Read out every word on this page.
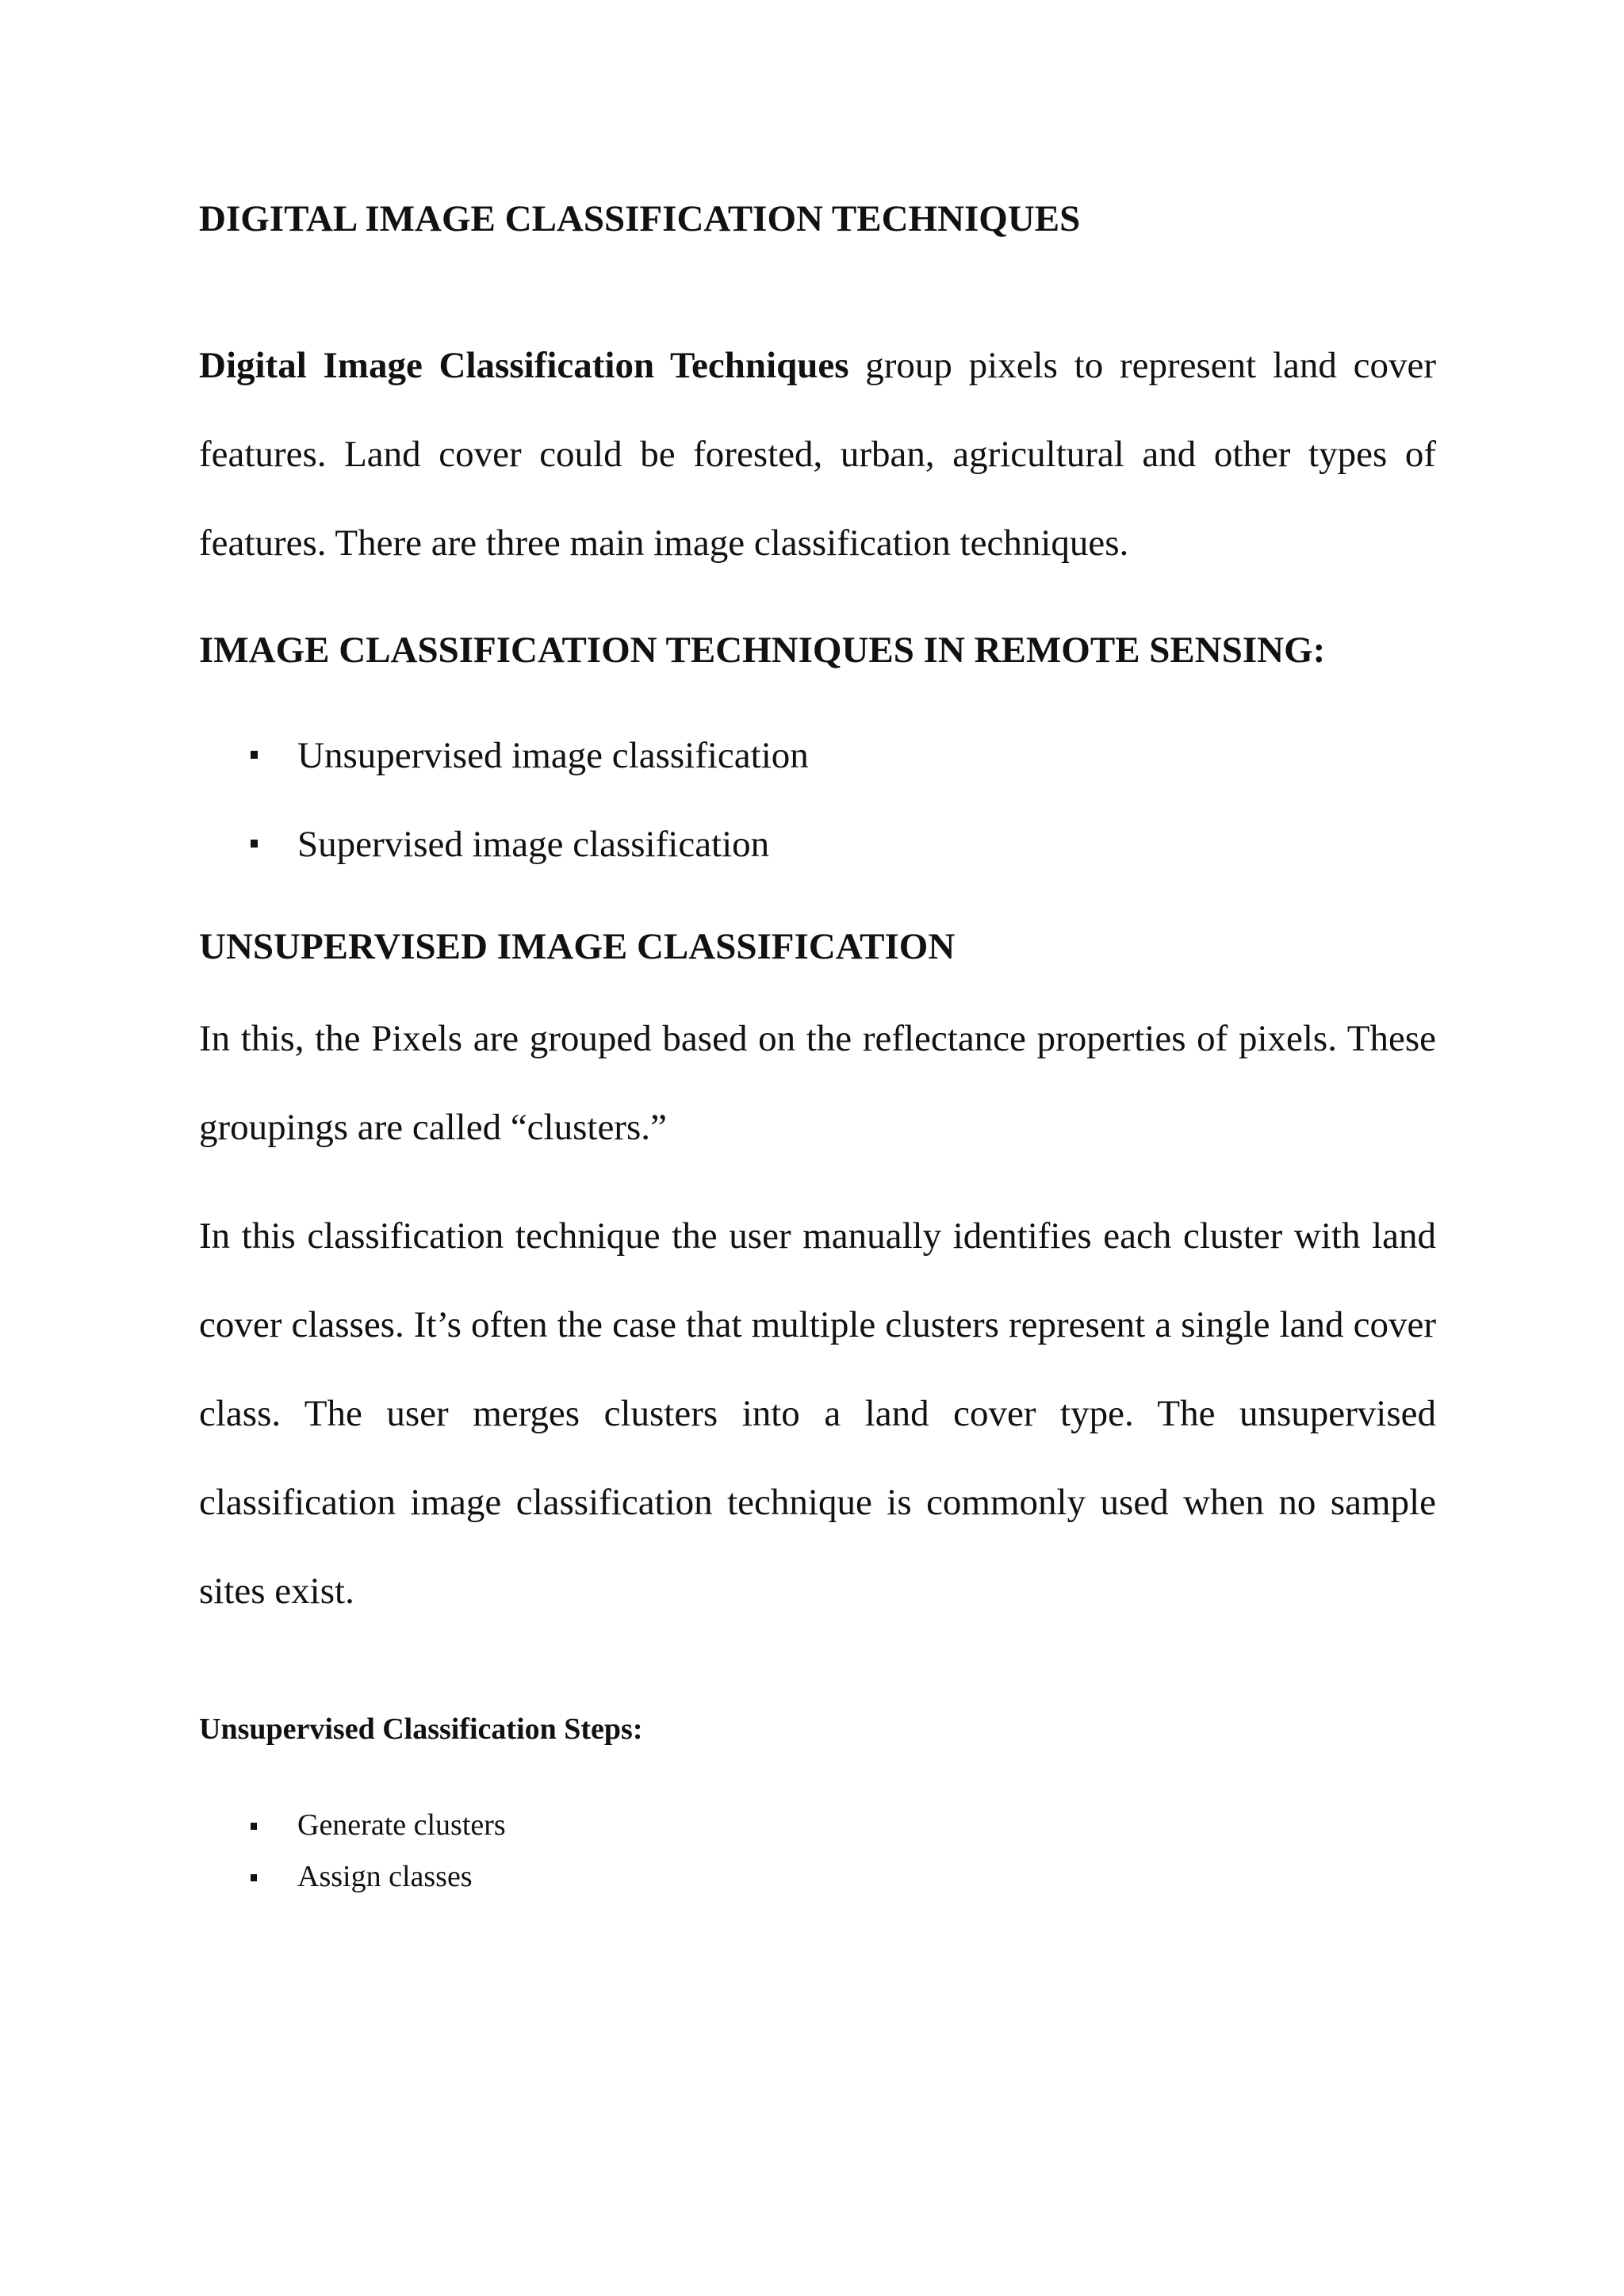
DIGITAL IMAGE CLASSIFICATION TECHNIQUES

Digital Image Classification Techniques group pixels to represent land cover features. Land cover could be forested, urban, agricultural and other types of features. There are three main image classification techniques.

IMAGE CLASSIFICATION TECHNIQUES IN REMOTE SENSING:
Unsupervised image classification
Supervised image classification
UNSUPERVISED IMAGE CLASSIFICATION

In this, the Pixels are grouped based on the reflectance properties of pixels. These groupings are called “clusters.”

In this classification technique the user manually identifies each cluster with land cover classes. It’s often the case that multiple clusters represent a single land cover class. The user merges clusters into a land cover type. The unsupervised classification image classification technique is commonly used when no sample sites exist.

Unsupervised Classification Steps:
Generate clusters
Assign classes
